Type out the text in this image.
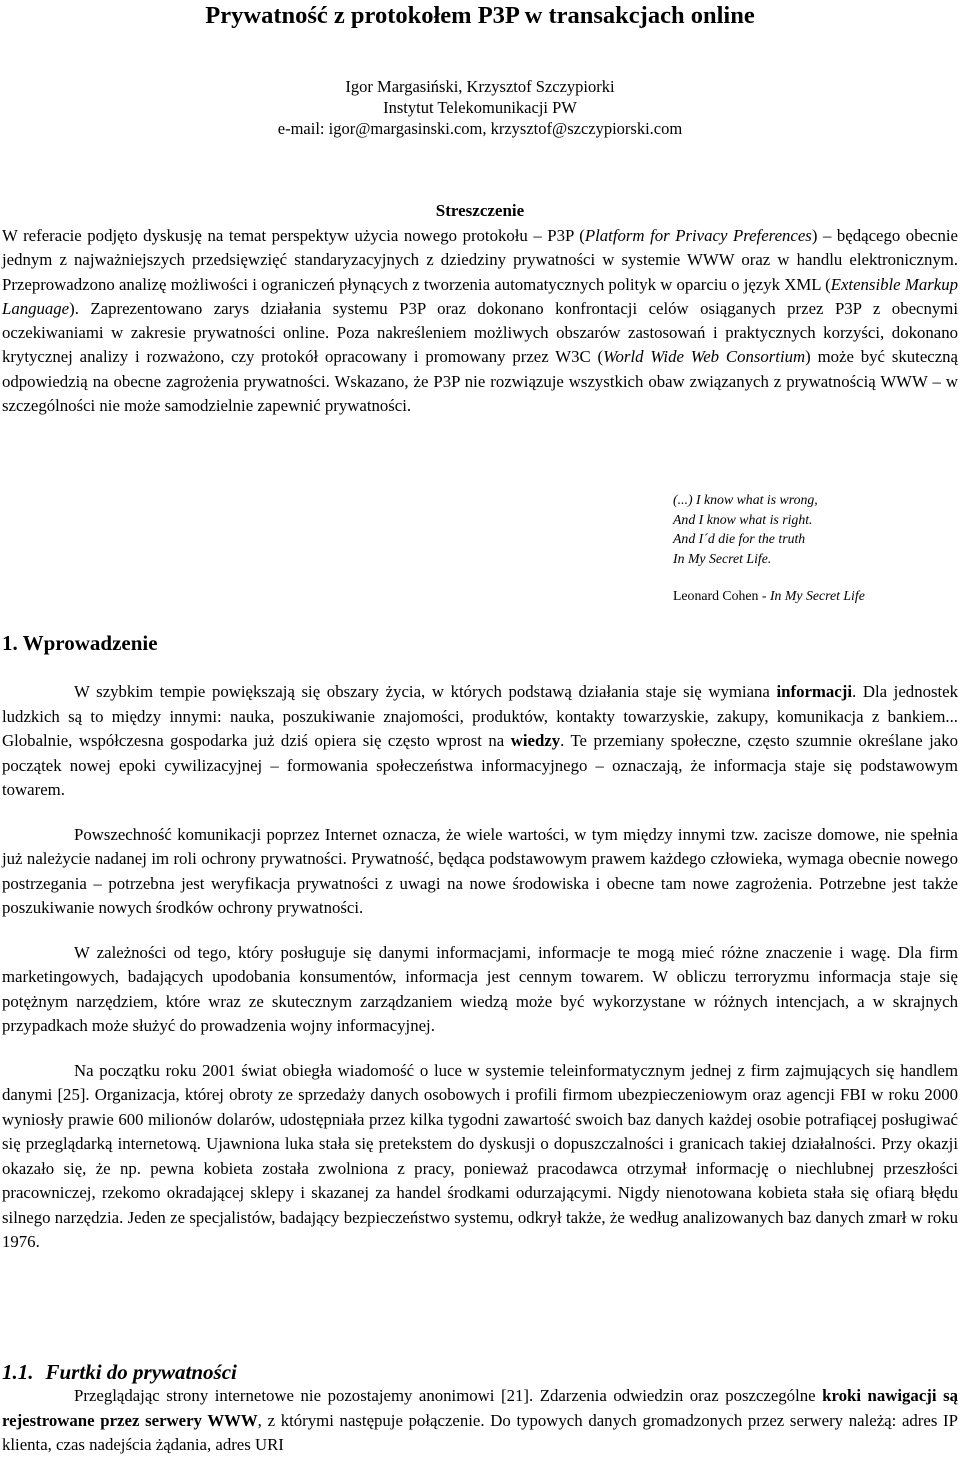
Prywatność z protokołem P3P w transakcjach online
Igor Margasiński, Krzysztof Szczypiorki
Instytut Telekomunikacji PW
e-mail: igor@margasinski.com, krzysztof@szczypiorski.com
Streszczenie

W referacie podjęto dyskusję na temat perspektyw użycia nowego protokołu – P3P (Platform for Privacy Preferences) – będącego obecnie jednym z najważniejszych przedsięwzięć standaryzacyjnych z dziedziny prywatności w systemie WWW oraz w handlu elektronicznym. Przeprowadzono analizę możliwości i ograniczeń płynących z tworzenia automatycznych polityk w oparciu o język XML (Extensible Markup Language). Zaprezentowano zarys działania systemu P3P oraz dokonano konfrontacji celów osiąganych przez P3P z obecnymi oczekiwaniami w zakresie prywatności online. Poza nakreśleniem możliwych obszarów zastosowań i praktycznych korzyści, dokonano krytycznej analizy i rozważono, czy protokół opracowany i promowany przez W3C (World Wide Web Consortium) może być skuteczną odpowiedzią na obecne zagrożenia prywatności. Wskazano, że P3P nie rozwiązuje wszystkich obaw związanych z prywatnością WWW – w szczególności nie może samodzielnie zapewnić prywatności.

(...) I know what is wrong,
And I know what is right.
And I´d die for the truth
In My Secret Life.
Leonard Cohen - In My Secret Life
1. Wprowadzenie

W szybkim tempie powiększają się obszary życia, w których podstawą działania staje się wymiana informacji. Dla jednostek ludzkich są to między innymi: nauka, poszukiwanie znajomości, produktów, kontakty towarzyskie, zakupy, komunikacja z bankiem... Globalnie, współczesna gospodarka już dziś opiera się często wprost na wiedzy. Te przemiany społeczne, często szumnie określane jako początek nowej epoki cywilizacyjnej – formowania społeczeństwa informacyjnego – oznaczają, że informacja staje się podstawowym towarem.

Powszechność komunikacji poprzez Internet oznacza, że wiele wartości, w tym między innymi tzw. zacisze domowe, nie spełnia już należycie nadanej im roli ochrony prywatności. Prywatność, będąca podstawowym prawem każdego człowieka, wymaga obecnie nowego postrzegania – potrzebna jest weryfikacja prywatności z uwagi na nowe środowiska i obecne tam nowe zagrożenia. Potrzebne jest także poszukiwanie nowych środków ochrony prywatności.

W zależności od tego, który posługuje się danymi informacjami, informacje te mogą mieć różne znaczenie i wagę. Dla firm marketingowych, badających upodobania konsumentów, informacja jest cennym towarem. W obliczu terroryzmu informacja staje się potężnym narzędziem, które wraz ze skutecznym zarządzaniem wiedzą może być wykorzystane w różnych intencjach, a w skrajnych przypadkach może służyć do prowadzenia wojny informacyjnej.

Na początku roku 2001 świat obiegła wiadomość o luce w systemie teleinformatycznym jednej z firm zajmujących się handlem danymi [25]. Organizacja, której obroty ze sprzedaży danych osobowych i profili firmom ubezpieczeniowym oraz agencji FBI w roku 2000 wyniosły prawie 600 milionów dolarów, udostępniała przez kilka tygodni zawartość swoich baz danych każdej osobie potrafiącej posługiwać się przeglądarką internetową. Ujawniona luka stała się pretekstem do dyskusji o dopuszczalności i granicach takiej działalności. Przy okazji okazało się, że np. pewna kobieta została zwolniona z pracy, ponieważ pracodawca otrzymał informację o niechlubnej przeszłości pracowniczej, rzekomo okradającej sklepy i skazanej za handel środkami odurzającymi. Nigdy nienotowana kobieta stała się ofiarą błędu silnego narzędzia. Jeden ze specjalistów, badający bezpieczeństwo systemu, odkrył także, że według analizowanych baz danych zmarł w roku 1976.

1.1. Furtki do prywatności

Przeglądając strony internetowe nie pozostajemy anonimowi [21]. Zdarzenia odwiedzin oraz poszczególne kroki nawigacji są rejestrowane przez serwery WWW, z którymi następuje połączenie. Do typowych danych gromadzonych przez serwery należą: adres IP klienta, czas nadejścia żądania, adres URI
